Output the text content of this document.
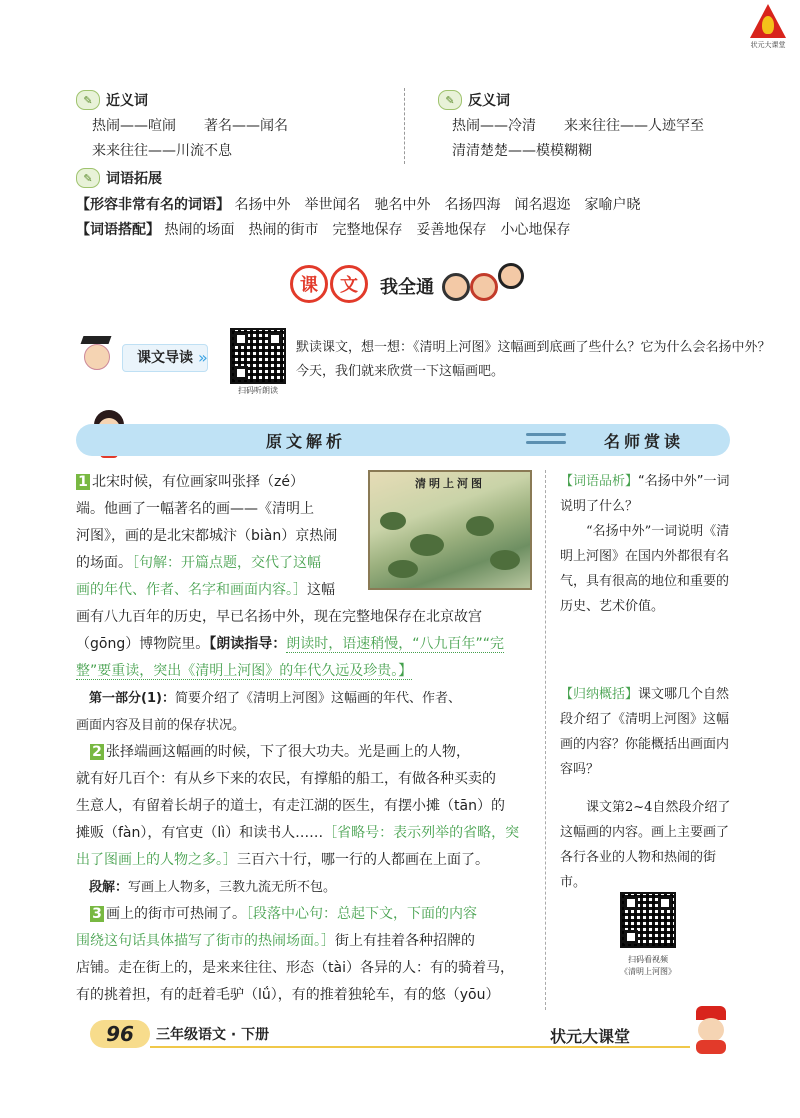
状元大课堂
✎ 近义词
热闹——喧闹　　著名——闻名
来来往往——川流不息
✎ 反义词
热闹——冷清　　来来往往——人迹罕至
清清楚楚——模模糊糊
✎ 词语拓展
【形容非常有名的词语】 名扬中外　举世闻名　驰名中外　名扬四海　闻名遐迩　家喻户晓
【词语搭配】 热闹的场面　热闹的街市　完整地保存　妥善地保存　小心地保存
课	文	我全通
课文导读 »
扫码听朗读
默读课文，想一想：《清明上河图》这幅画到底画了些什么？它为什么会名扬中外？今天，我们就来欣赏一下这幅画吧。
原文解析	名师赏读
清明上河图
1 北宋时候，有位画家叫张择（zé）
端。他画了一幅著名的画——《清明上
河图》，画的是北宋都城汴（biàn）京热闹
的场面。［句解：开篇点题，交代了这幅
画的年代、作者、名字和画面内容。］这幅
画有八九百年的历史，早已名扬中外，现在完整地保存在北京故宫
（gōng）博物院里。【朗读指导：朗读时，语速稍慢，“八九百年”“完
整”要重读，突出《清明上河图》的年代久远及珍贵。】
　第一部分(1)：简要介绍了《清明上河图》这幅画的年代、作者、
画面内容及目前的保存状况。
　2 张择端画这幅画的时候，下了很大功夫。光是画上的人物，
就有好几百个：有从乡下来的农民，有撑船的船工，有做各种买卖的
生意人，有留着长胡子的道士，有走江湖的医生，有摆小摊（tān）的
摊贩（fàn），有官吏（lì）和读书人……［省略号：表示列举的省略，突
出了图画上的人物之多。］三百六十行，哪一行的人都画在上面了。
　段解：写画上人物多，三教九流无所不包。
　3 画上的街市可热闹了。［段落中心句：总起下文，下面的内容
围绕这句话具体描写了街市的热闹场面。］街上有挂着各种招牌的
店铺。走在街上的，是来来往往、形态（tài）各异的人：有的骑着马，
有的挑着担，有的赶着毛驴（lǘ），有的推着独轮车，有的悠（yōu）
【词语品析】“名扬中外”一词说明了什么？
“名扬中外”一词说明《清明上河图》在国内外都很有名气，具有很高的地位和重要的历史、艺术价值。
【归纳概括】课文哪几个自然段介绍了《清明上河图》这幅画的内容？你能概括出画面内容吗？
课文第2~4自然段介绍了这幅画的内容。画上主要画了各行各业的人物和热闹的街市。
扫码看视频
《清明上河图》
96	三年级语文 · 下册	状元大课堂
